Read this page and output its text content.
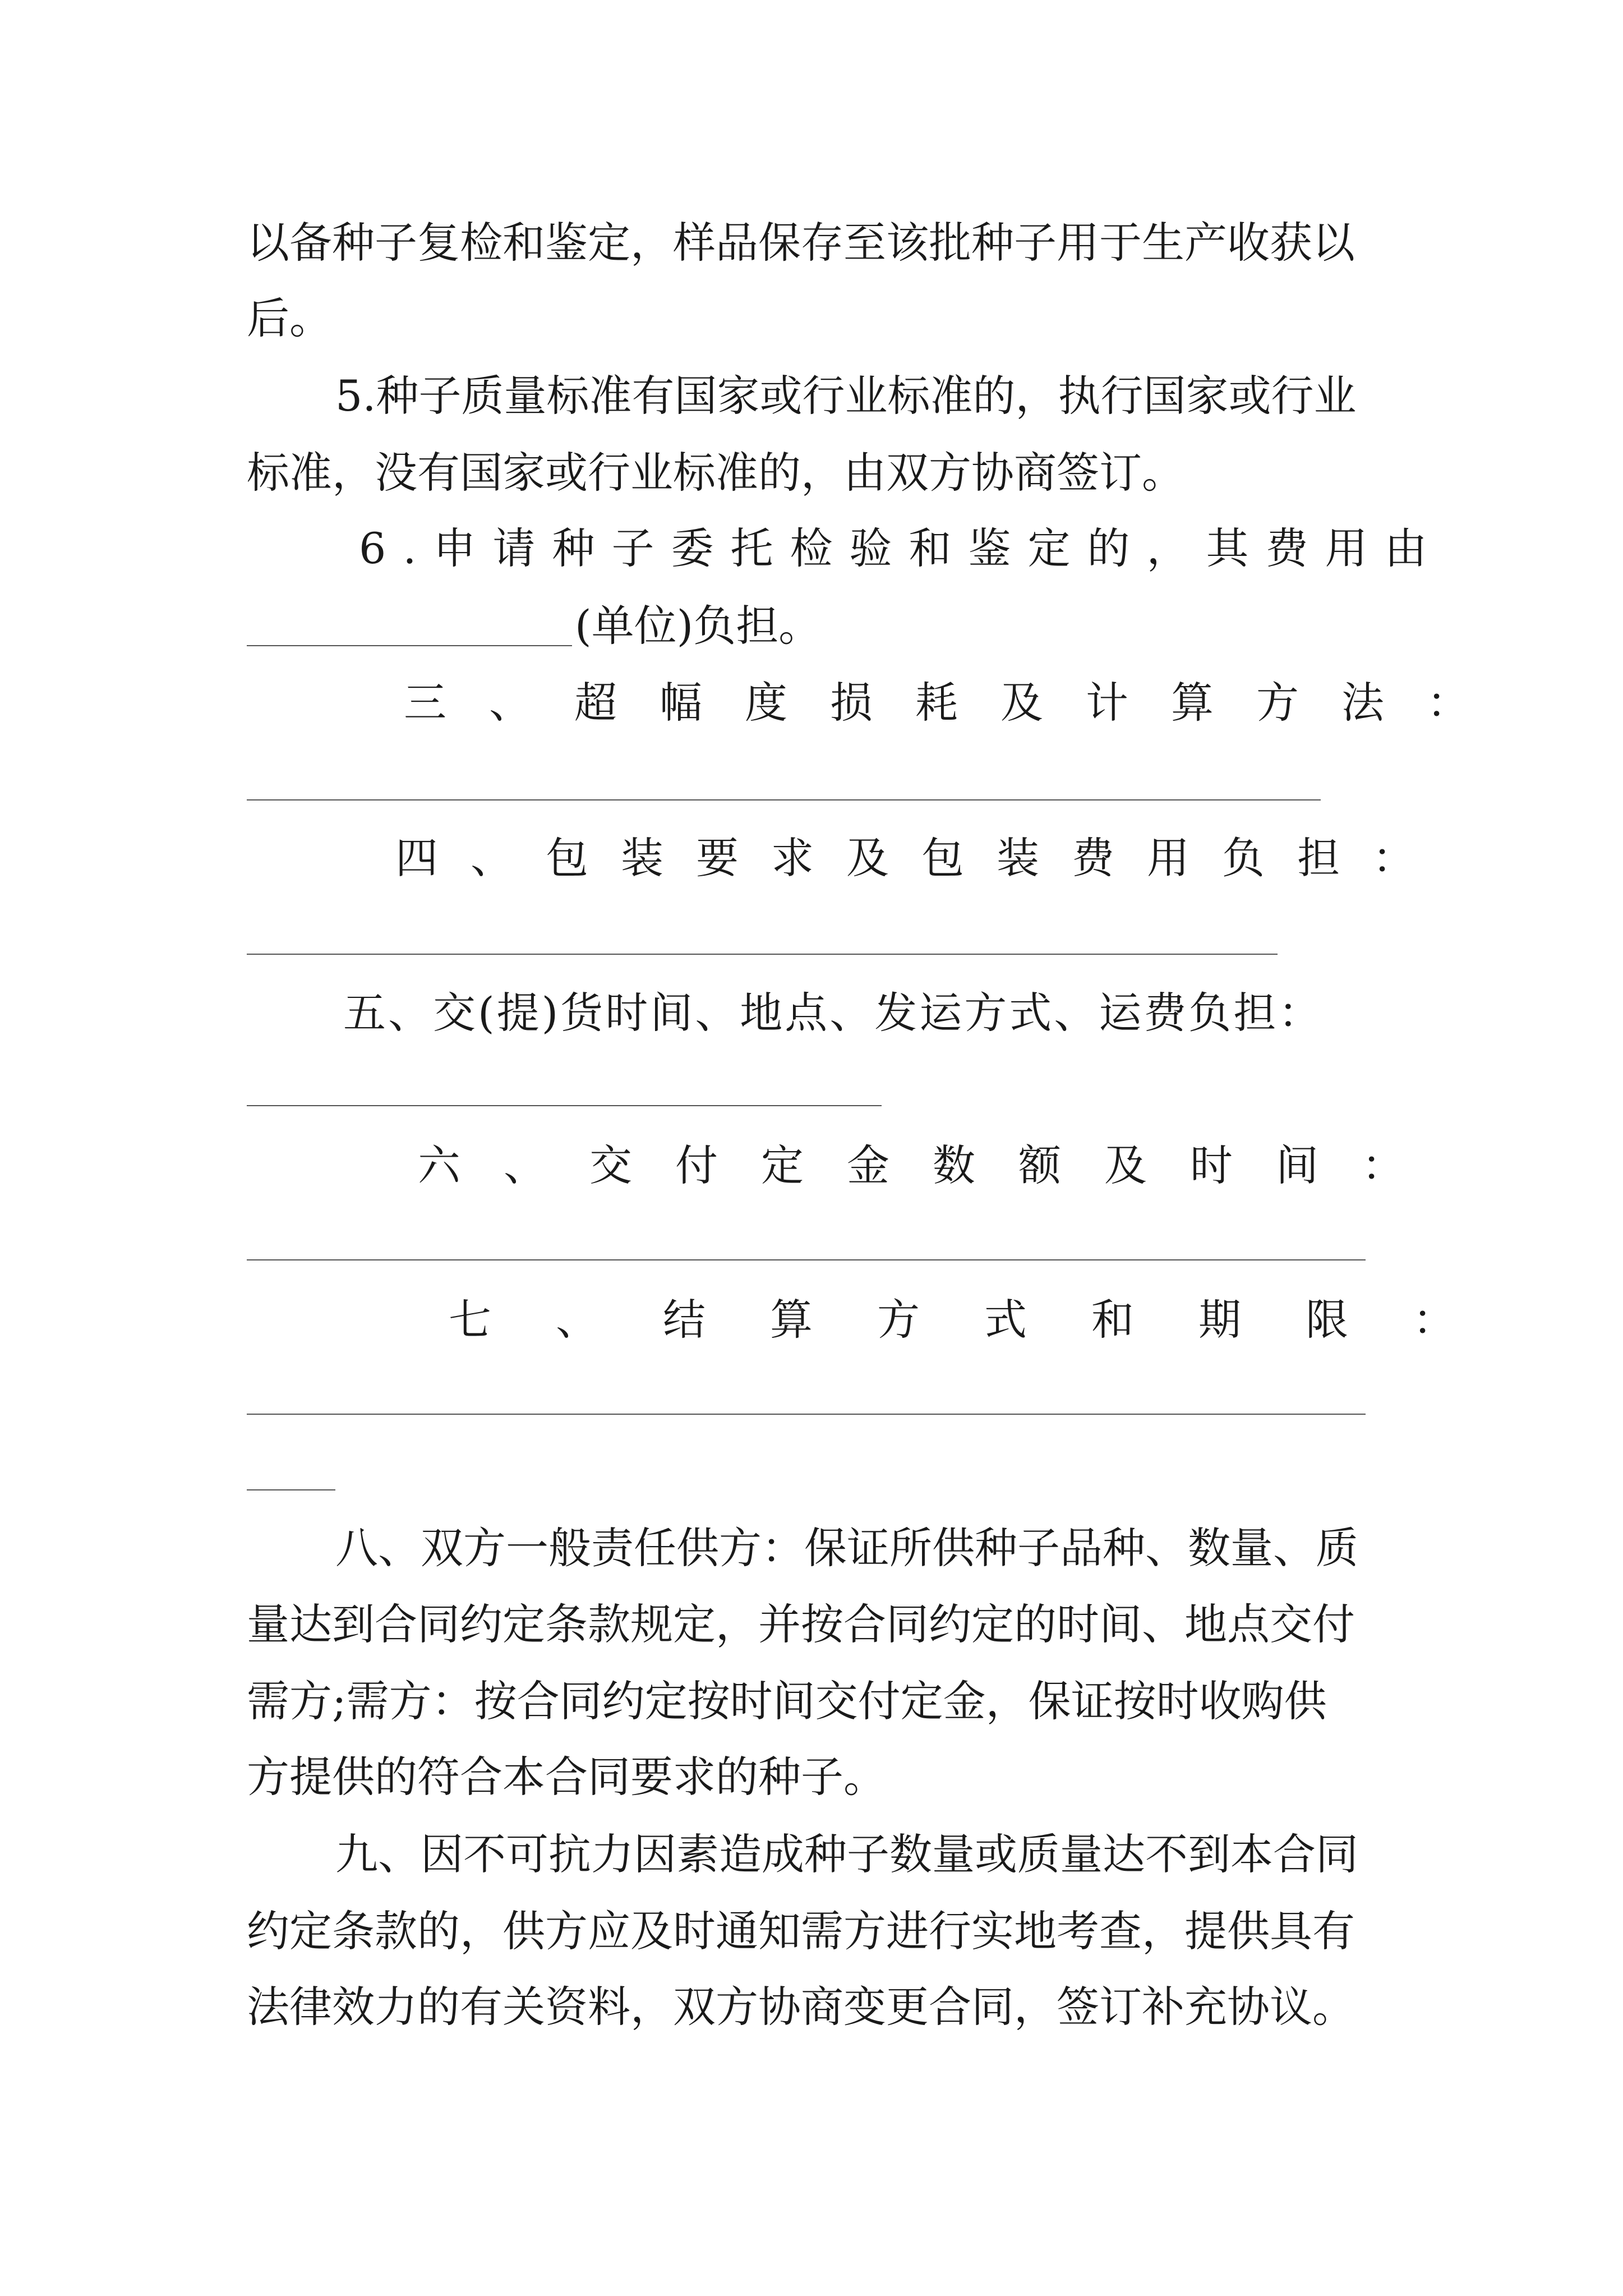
以备种子复检和鉴定，样品保存至该批种子用于生产收获以
后。
5.种子质量标准有国家或行业标准的，执行国家或行业
标准，没有国家或行业标准的，由双方协商签订。
6.申请种子委托检验和鉴定的，其费用由
(单位)负担。
三、超幅度损耗及计算方法：
四、包装要求及包装费用负担：
五、交(提)货时间、地点、发运方式、运费负担：
六、交付定金数额及时间：
七、结算方式和期限：
八、双方一般责任供方：保证所供种子品种、数量、质
量达到合同约定条款规定，并按合同约定的时间、地点交付
需方;需方：按合同约定按时间交付定金，保证按时收购供
方提供的符合本合同要求的种子。
九、因不可抗力因素造成种子数量或质量达不到本合同
约定条款的，供方应及时通知需方进行实地考查，提供具有
法律效力的有关资料，双方协商变更合同，签订补充协议。
